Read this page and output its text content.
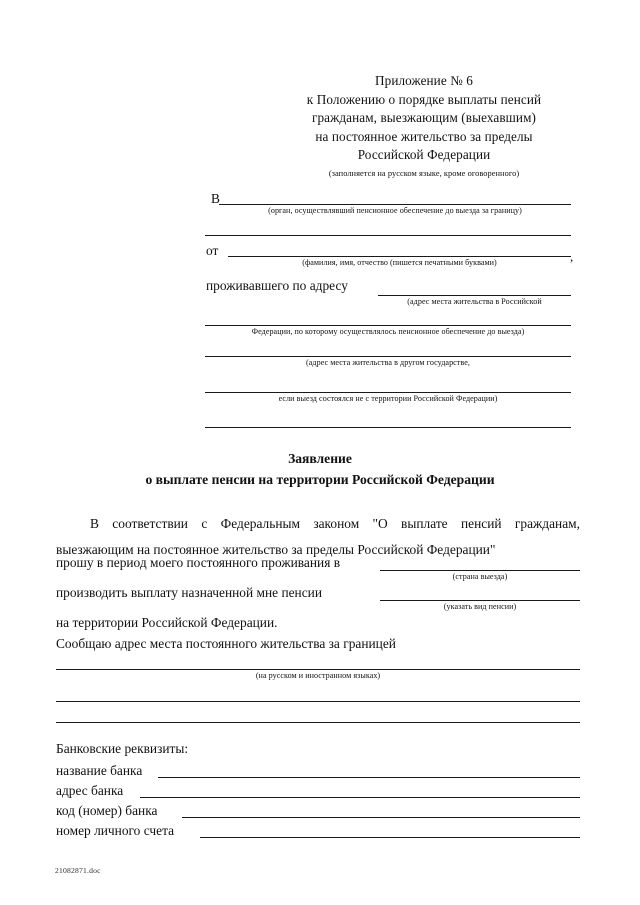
Приложение № 6
к Положению о порядке выплаты пенсий
гражданам, выезжающим (выехавшим)
на постоянное жительство за пределы
Российской Федерации
(заполняется на русском языке, кроме оговоренного)
В
(орган, осуществлявший пенсионное обеспечение до выезда за границу)
от	,
(фамилия, имя, отчество (пишется печатными буквами)
проживавшего по адресу
(адрес места жительства в Российской
Федерации, по которому осуществлялось пенсионное обеспечение до выезда)
(адрес места жительства в другом государстве,
если выезд состоялся не с территории Российской Федерации)
Заявление
о выплате пенсии на территории Российской Федерации
В соответствии с Федеральным законом "О выплате пенсий гражданам, выезжающим на постоянное жительство за пределы Российской Федерации"
прошу в период моего постоянного проживания в
(страна выезда)
производить выплату назначенной мне пенсии
(указать вид пенсии)
на территории Российской Федерации.
Сообщаю адрес места постоянного жительства за границей
(на русском и иностранном языках)
Банковские реквизиты:
название банка
адрес банка
код (номер) банка
номер личного счета
21082871.doc
